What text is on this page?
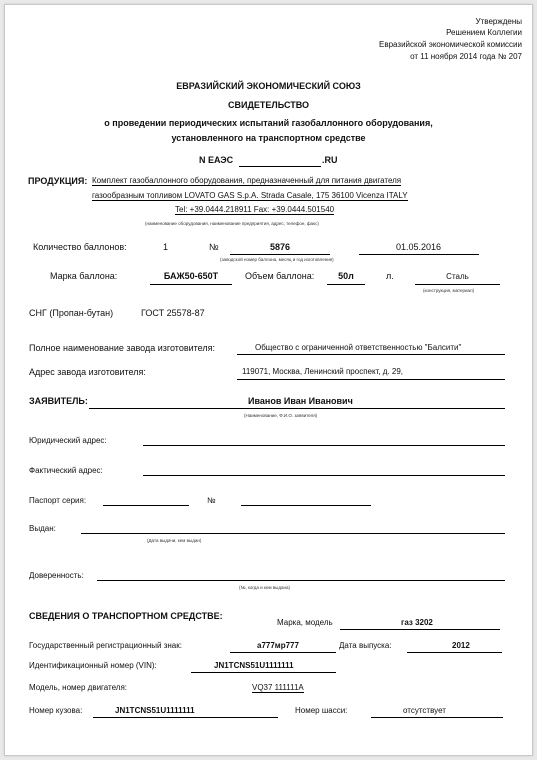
Утверждены
Решением Коллегии
Евразийской экономической комиссии
от 11 ноября 2014 года № 207
ЕВРАЗИЙСКИЙ ЭКОНОМИЧЕСКИЙ СОЮЗ
СВИДЕТЕЛЬСТВО
о проведении периодических испытаний газобаллонного оборудования,
установленного на транспортном средстве
N ЕАЭС	.RU
ПРОДУКЦИЯ: Комплект газобаллонного оборудования, предназначенный для питания двигателя
газообразным топливом LOVATO GAS S.p.A. Strada Casale, 175 36100 Vicenza ITALY
Tel: +39.0444.218911 Fax: +39.0444.501540
(наименование оборудования, наименование предприятия, адрес, телефон, факс)
Количество баллонов:	1	№	5876	01.05.2016
(заводской номер баллона, месяц и год изготовления)
Марка баллона:	БАЖ50-650Т	Объем баллона:	50л	л.	Сталь
(конструкция, материал)
СНГ (Пропан-бутан)	ГОСТ 25578-87
Полное наименование завода изготовителя:	Общество с ограниченной ответственностью "Балсити"
Адрес завода изготовителя:	119071, Москва, Ленинский проспект, д. 29,
ЗАЯВИТЕЛЬ:	Иванов Иван Иванович
(Наименование, Ф.И.О. заявителя)
Юридический адрес:
Фактический адрес:
Паспорт серия:	№
Выдан:
(Дата выдачи, кем выдан)
Доверенность:
(№, когда и кем выдана)
СВЕДЕНИЯ О ТРАНСПОРТНОМ СРЕДСТВЕ:
Марка, модель	газ 3202
Государственный регистрационный знак:	а777мр777	Дата выпуска:	2012
Идентификационный номер (VIN):	JN1TCNS51U1111111
Модель, номер двигателя:	VQ37 111111A
Номер кузова:	JN1TCNS51U1111111	Номер шасси:	отсутствует
